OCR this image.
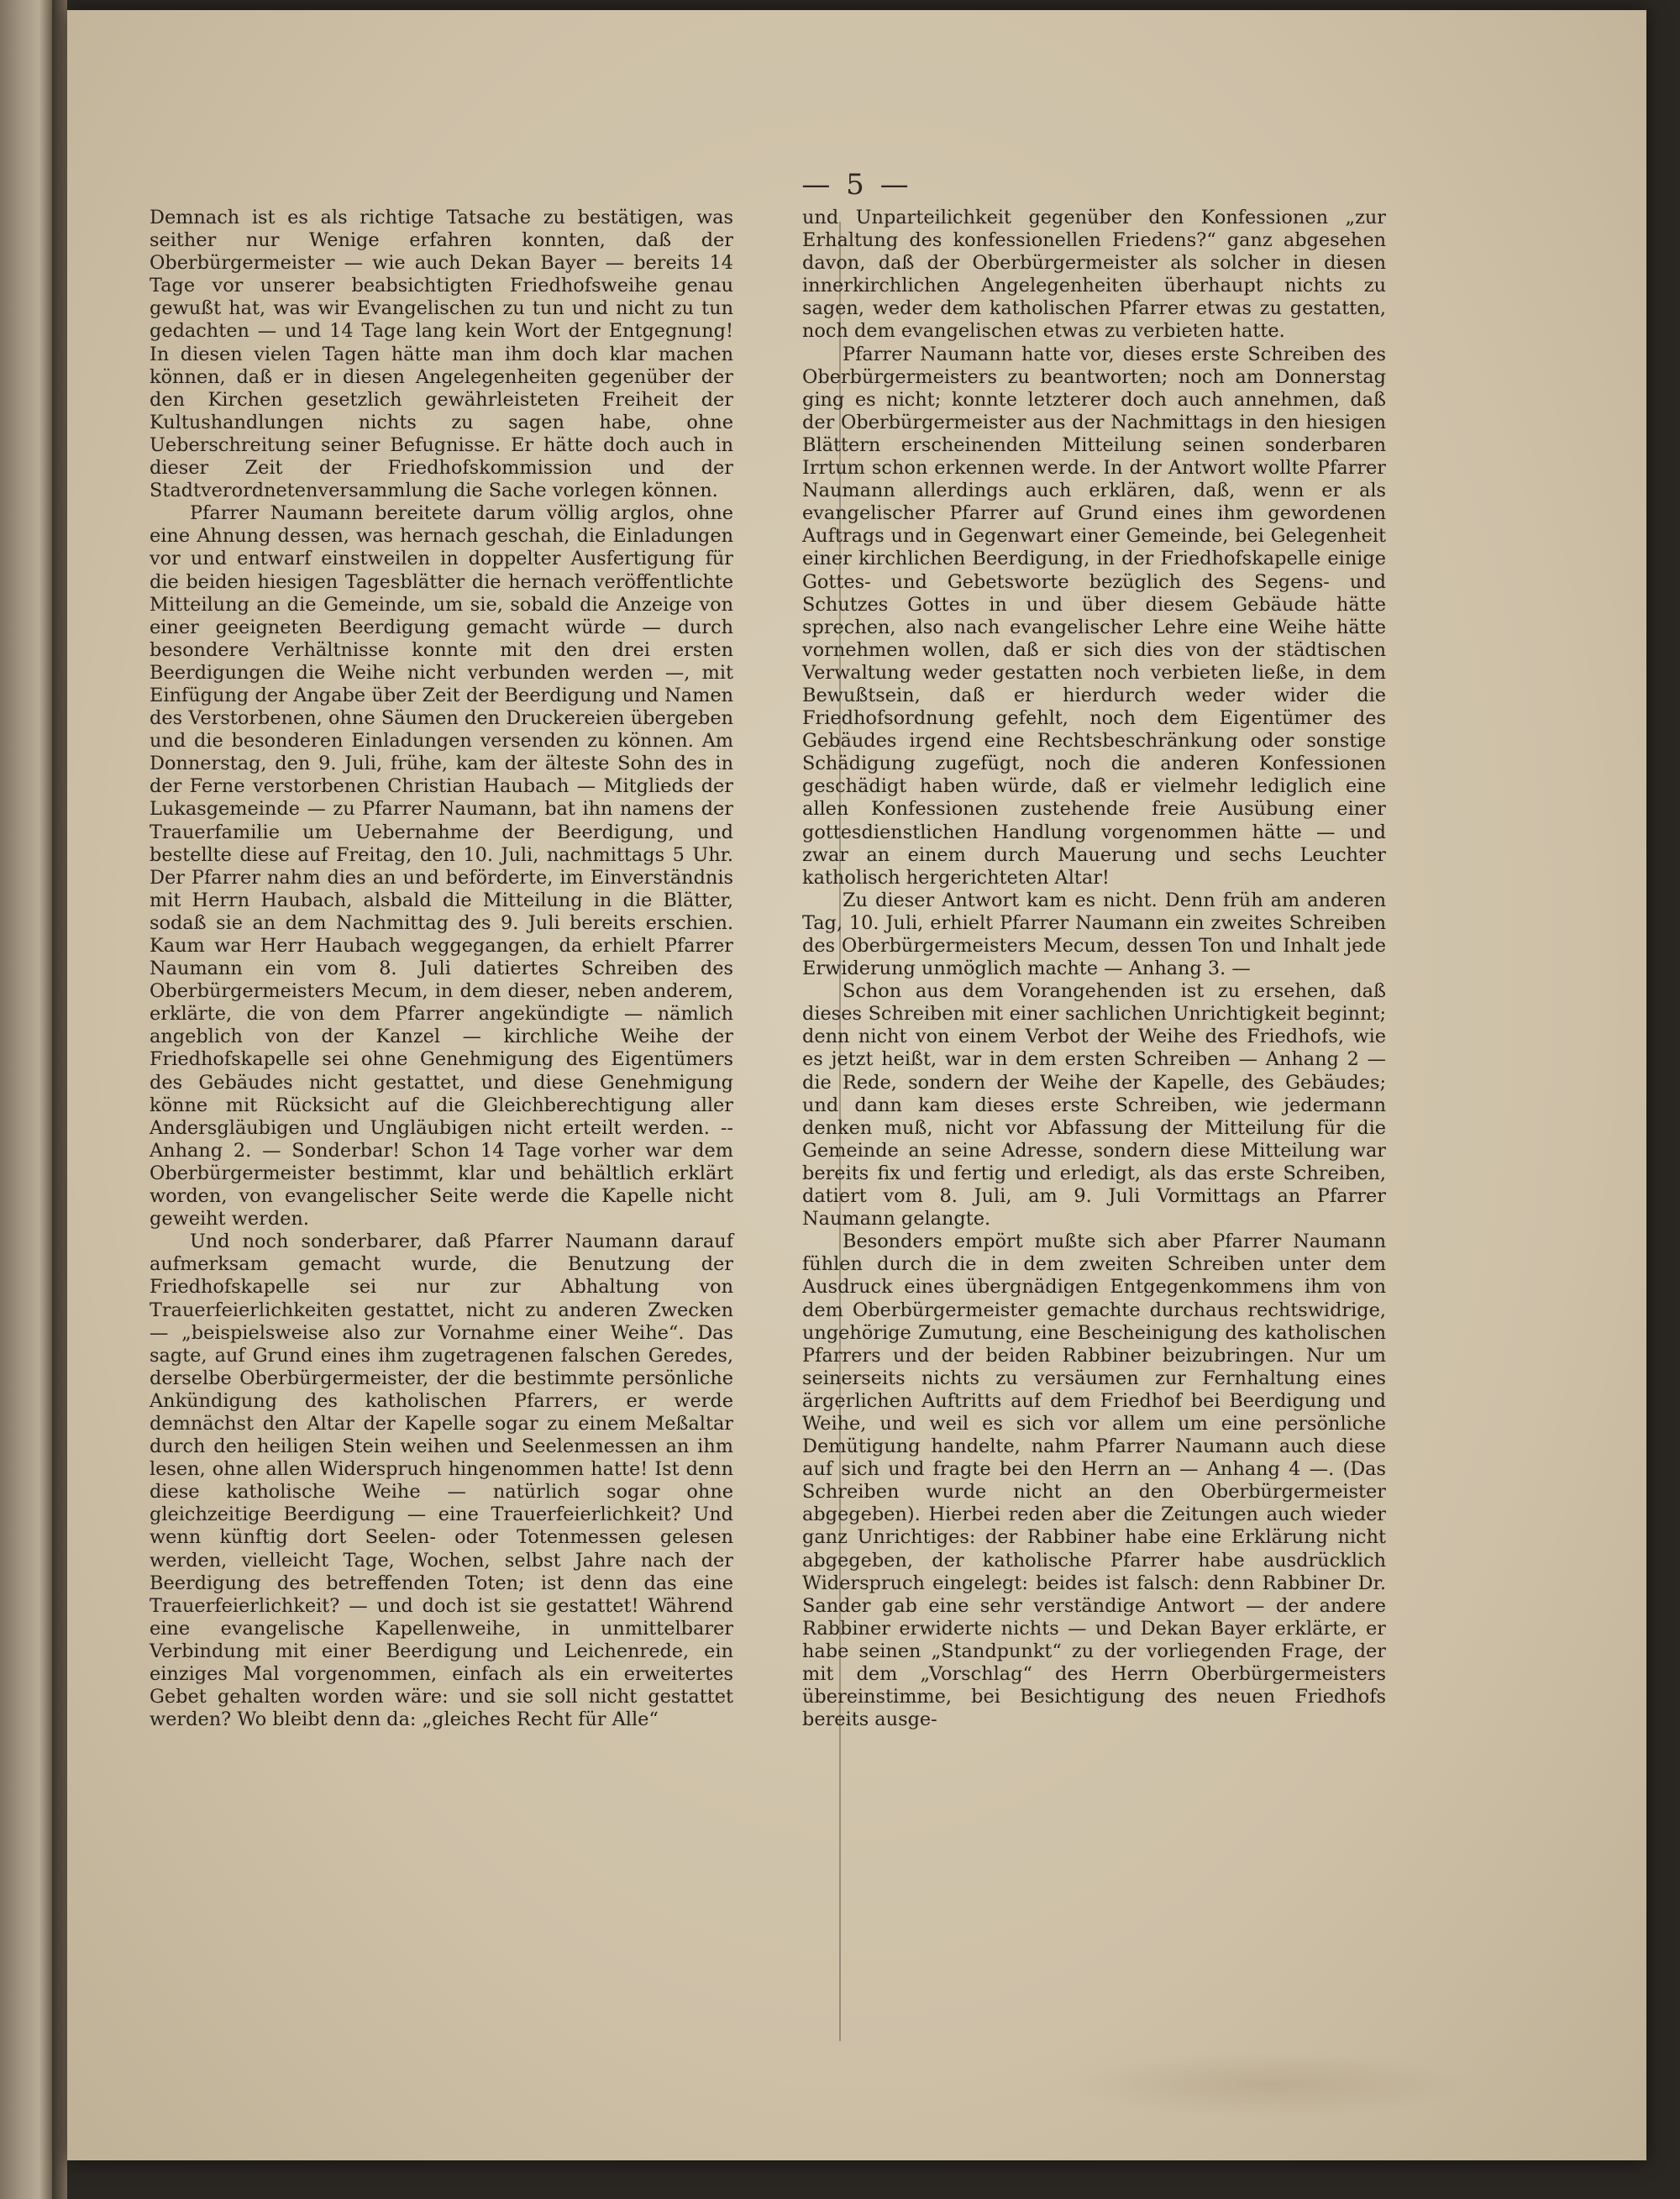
— 5 —

Demnach ist es als richtige Tatsache zu bestätigen, was seither nur Wenige erfahren konnten, daß der Oberbürgermeister — wie auch Dekan Bayer — bereits 14 Tage vor unserer beabsichtigten Friedhofsweihe genau gewußt hat, was wir Evangelischen zu tun und nicht zu tun gedachten — und 14 Tage lang kein Wort der Entgegnung! In diesen vielen Tagen hätte man ihm doch klar machen können, daß er in diesen Angelegenheiten gegenüber der den Kirchen gesetzlich gewährleisteten Freiheit der Kultushandlungen nichts zu sagen habe, ohne Ueberschreitung seiner Befugnisse. Er hätte doch auch in dieser Zeit der Friedhofskommission und der Stadtverordnetenversammlung die Sache vorlegen können.

Pfarrer Naumann bereitete darum völlig arglos, ohne eine Ahnung dessen, was hernach geschah, die Einladungen vor und entwarf einstweilen in doppelter Ausfertigung für die beiden hiesigen Tagesblätter die hernach veröffentlichte Mitteilung an die Gemeinde, um sie, sobald die Anzeige von einer geeigneten Beerdigung gemacht würde — durch besondere Verhältnisse konnte mit den drei ersten Beerdigungen die Weihe nicht verbunden werden —, mit Einfügung der Angabe über Zeit der Beerdigung und Namen des Verstorbenen, ohne Säumen den Druckereien übergeben und die besonderen Einladungen versenden zu können. Am Donnerstag, den 9. Juli, frühe, kam der älteste Sohn des in der Ferne verstorbenen Christian Haubach — Mitglieds der Lukasgemeinde — zu Pfarrer Naumann, bat ihn namens der Trauerfamilie um Uebernahme der Beerdigung, und bestellte diese auf Freitag, den 10. Juli, nachmittags 5 Uhr. Der Pfarrer nahm dies an und beförderte, im Einverständnis mit Herrn Haubach, alsbald die Mitteilung in die Blätter, sodaß sie an dem Nachmittag des 9. Juli bereits erschien. Kaum war Herr Haubach weggegangen, da erhielt Pfarrer Naumann ein vom 8. Juli datiertes Schreiben des Oberbürgermeisters Mecum, in dem dieser, neben anderem, erklärte, die von dem Pfarrer angekündigte — nämlich angeblich von der Kanzel — kirchliche Weihe der Friedhofskapelle sei ohne Genehmigung des Eigentümers des Gebäudes nicht gestattet, und diese Genehmigung könne mit Rücksicht auf die Gleichberechtigung aller Andersgläubigen und Ungläubigen nicht erteilt werden. -- Anhang 2. — Sonderbar! Schon 14 Tage vorher war dem Oberbürgermeister bestimmt, klar und behältlich erklärt worden, von evangelischer Seite werde die Kapelle nicht geweiht werden.

Und noch sonderbarer, daß Pfarrer Naumann darauf aufmerksam gemacht wurde, die Benutzung der Friedhofskapelle sei nur zur Abhaltung von Trauerfeierlichkeiten gestattet, nicht zu anderen Zwecken — „beispielsweise also zur Vornahme einer Weihe“. Das sagte, auf Grund eines ihm zugetragenen falschen Geredes, derselbe Oberbürgermeister, der die bestimmte persönliche Ankündigung des katholischen Pfarrers, er werde demnächst den Altar der Kapelle sogar zu einem Meßaltar durch den heiligen Stein weihen und Seelenmessen an ihm lesen, ohne allen Widerspruch hingenommen hatte! Ist denn diese katholische Weihe — natürlich sogar ohne gleichzeitige Beerdigung — eine Trauerfeierlichkeit? Und wenn künftig dort Seelen- oder Totenmessen gelesen werden, vielleicht Tage, Wochen, selbst Jahre nach der Beerdigung des betreffenden Toten; ist denn das eine Trauerfeierlichkeit? — und doch ist sie gestattet! Während eine evangelische Kapellenweihe, in unmittelbarer Verbindung mit einer Beerdigung und Leichenrede, ein einziges Mal vorgenommen, einfach als ein erweitertes Gebet gehalten worden wäre: und sie soll nicht gestattet werden? Wo bleibt denn da: „gleiches Recht für Alle“

und Unparteilichkeit gegenüber den Konfessionen „zur Erhaltung des konfessionellen Friedens?“ ganz abgesehen davon, daß der Oberbürgermeister als solcher in diesen innerkirchlichen Angelegenheiten überhaupt nichts zu sagen, weder dem katholischen Pfarrer etwas zu gestatten, noch dem evangelischen etwas zu verbieten hatte.

Pfarrer Naumann hatte vor, dieses erste Schreiben des Oberbürgermeisters zu beantworten; noch am Donnerstag ging es nicht; konnte letzterer doch auch annehmen, daß der Oberbürgermeister aus der Nachmittags in den hiesigen Blättern erscheinenden Mitteilung seinen sonderbaren Irrtum schon erkennen werde. In der Antwort wollte Pfarrer Naumann allerdings auch erklären, daß, wenn er als evangelischer Pfarrer auf Grund eines ihm gewordenen Auftrags und in Gegenwart einer Gemeinde, bei Gelegenheit einer kirchlichen Beerdigung, in der Friedhofskapelle einige Gottes- und Gebetsworte bezüglich des Segens- und Schutzes Gottes in und über diesem Gebäude hätte sprechen, also nach evangelischer Lehre eine Weihe hätte vornehmen wollen, daß er sich dies von der städtischen Verwaltung weder gestatten noch verbieten ließe, in dem Bewußtsein, daß er hierdurch weder wider die Friedhofsordnung gefehlt, noch dem Eigentümer des Gebäudes irgend eine Rechtsbeschränkung oder sonstige Schädigung zugefügt, noch die anderen Konfessionen geschädigt haben würde, daß er vielmehr lediglich eine allen Konfessionen zustehende freie Ausübung einer gottesdienstlichen Handlung vorgenommen hätte — und zwar an einem durch Mauerung und sechs Leuchter katholisch hergerichteten Altar!

Zu dieser Antwort kam es nicht. Denn früh am anderen Tag, 10. Juli, erhielt Pfarrer Naumann ein zweites Schreiben des Oberbürgermeisters Mecum, dessen Ton und Inhalt jede Erwiderung unmöglich machte — Anhang 3. —

Schon aus dem Vorangehenden ist zu ersehen, daß dieses Schreiben mit einer sachlichen Unrichtigkeit beginnt; denn nicht von einem Verbot der Weihe des Friedhofs, wie es jetzt heißt, war in dem ersten Schreiben — Anhang 2 — die Rede, sondern der Weihe der Kapelle, des Gebäudes; und dann kam dieses erste Schreiben, wie jedermann denken muß, nicht vor Abfassung der Mitteilung für die Gemeinde an seine Adresse, sondern diese Mitteilung war bereits fix und fertig und erledigt, als das erste Schreiben, datiert vom 8. Juli, am 9. Juli Vormittags an Pfarrer Naumann gelangte.

Besonders empört mußte sich aber Pfarrer Naumann fühlen durch die in dem zweiten Schreiben unter dem Ausdruck eines übergnädigen Entgegenkommens ihm von dem Oberbürgermeister gemachte durchaus rechtswidrige, ungehörige Zumutung, eine Bescheinigung des katholischen Pfarrers und der beiden Rabbiner beizubringen. Nur um seinerseits nichts zu versäumen zur Fernhaltung eines ärgerlichen Auftritts auf dem Friedhof bei Beerdigung und Weihe, und weil es sich vor allem um eine persönliche Demütigung handelte, nahm Pfarrer Naumann auch diese auf sich und fragte bei den Herrn an — Anhang 4 —. (Das Schreiben wurde nicht an den Oberbürgermeister abgegeben). Hierbei reden aber die Zeitungen auch wieder ganz Unrichtiges: der Rabbiner habe eine Erklärung nicht abgegeben, der katholische Pfarrer habe ausdrücklich Widerspruch eingelegt: beides ist falsch: denn Rabbiner Dr. Sander gab eine sehr verständige Antwort — der andere Rabbiner erwiderte nichts — und Dekan Bayer erklärte, er habe seinen „Standpunkt“ zu der vorliegenden Frage, der mit dem „Vorschlag“ des Herrn Oberbürgermeisters übereinstimme, bei Besichtigung des neuen Friedhofs bereits ausge-
